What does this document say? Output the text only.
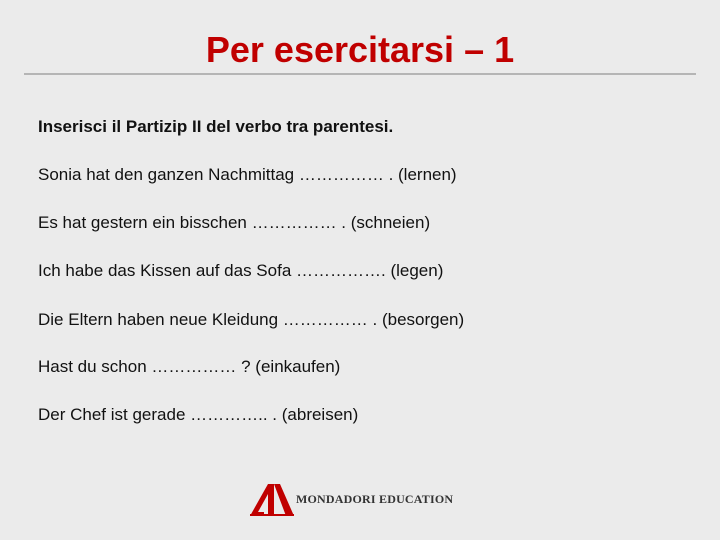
Per esercitarsi – 1
Inserisci il Partizip II del verbo tra parentesi.
Sonia hat den ganzen Nachmittag …………… . (lernen)
Es hat gestern ein bisschen …………… . (schneien)
Ich habe das Kissen auf das Sofa ……………. (legen)
Die Eltern haben neue Kleidung …………… . (besorgen)
Hast du schon …………… ? (einkaufen)
Der Chef ist gerade ………….. . (abreisen)
MONDADORI EDUCATION
